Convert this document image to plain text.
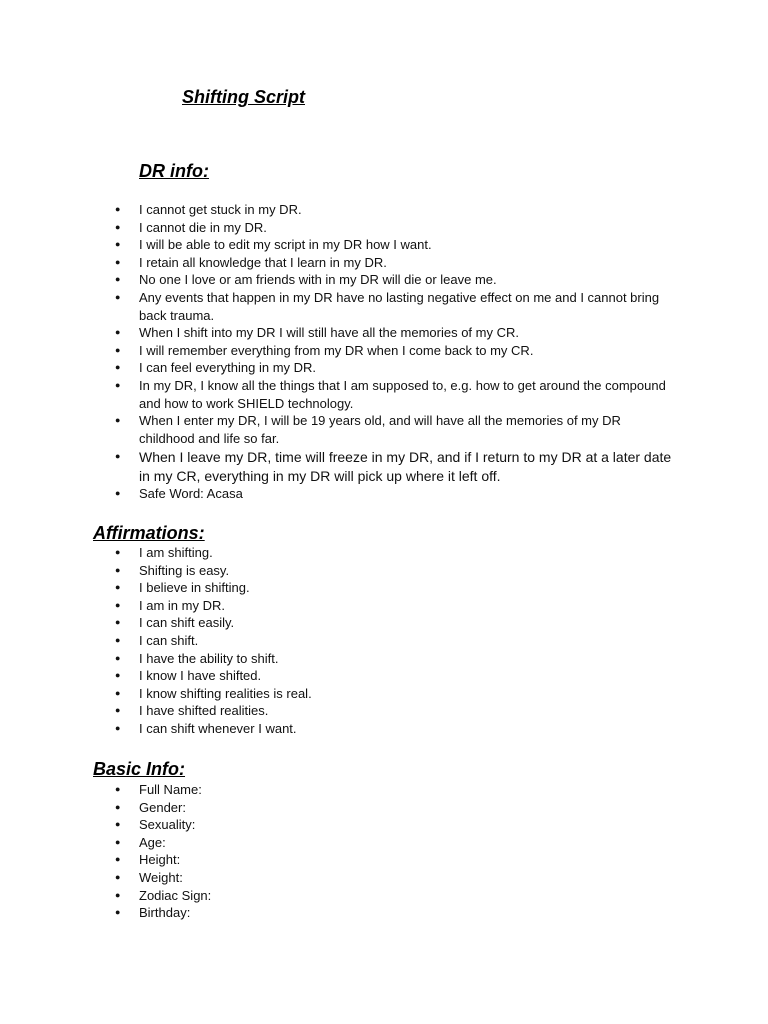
Shifting Script
DR info:
● I cannot get stuck in my DR.
● I cannot die in my DR.
● I will be able to edit my script in my DR how I want.
● I retain all knowledge that I learn in my DR.
● No one I love or am friends with in my DR will die or leave me.
● Any events that happen in my DR have no lasting negative effect on me and I cannot bring back trauma.
● When I shift into my DR I will still have all the memories of my CR.
● I will remember everything from my DR when I come back to my CR.
● I can feel everything in my DR.
● In my DR, I know all the things that I am supposed to, e.g. how to get around the compound and how to work SHIELD technology.
● When I enter my DR, I will be 19 years old, and will have all the memories of my DR childhood and life so far.
● When I leave my DR, time will freeze in my DR, and if I return to my DR at a later date in my CR, everything in my DR will pick up where it left off.
● Safe Word: Acasa
Affirmations:
● I am shifting.
● Shifting is easy.
● I believe in shifting.
● I am in my DR.
● I can shift easily.
● I can shift.
● I have the ability to shift.
● I know I have shifted.
● I know shifting realities is real.
● I have shifted realities.
● I can shift whenever I want.
Basic Info:
● Full Name:
● Gender:
● Sexuality:
● Age:
● Height:
● Weight:
● Zodiac Sign:
● Birthday:
